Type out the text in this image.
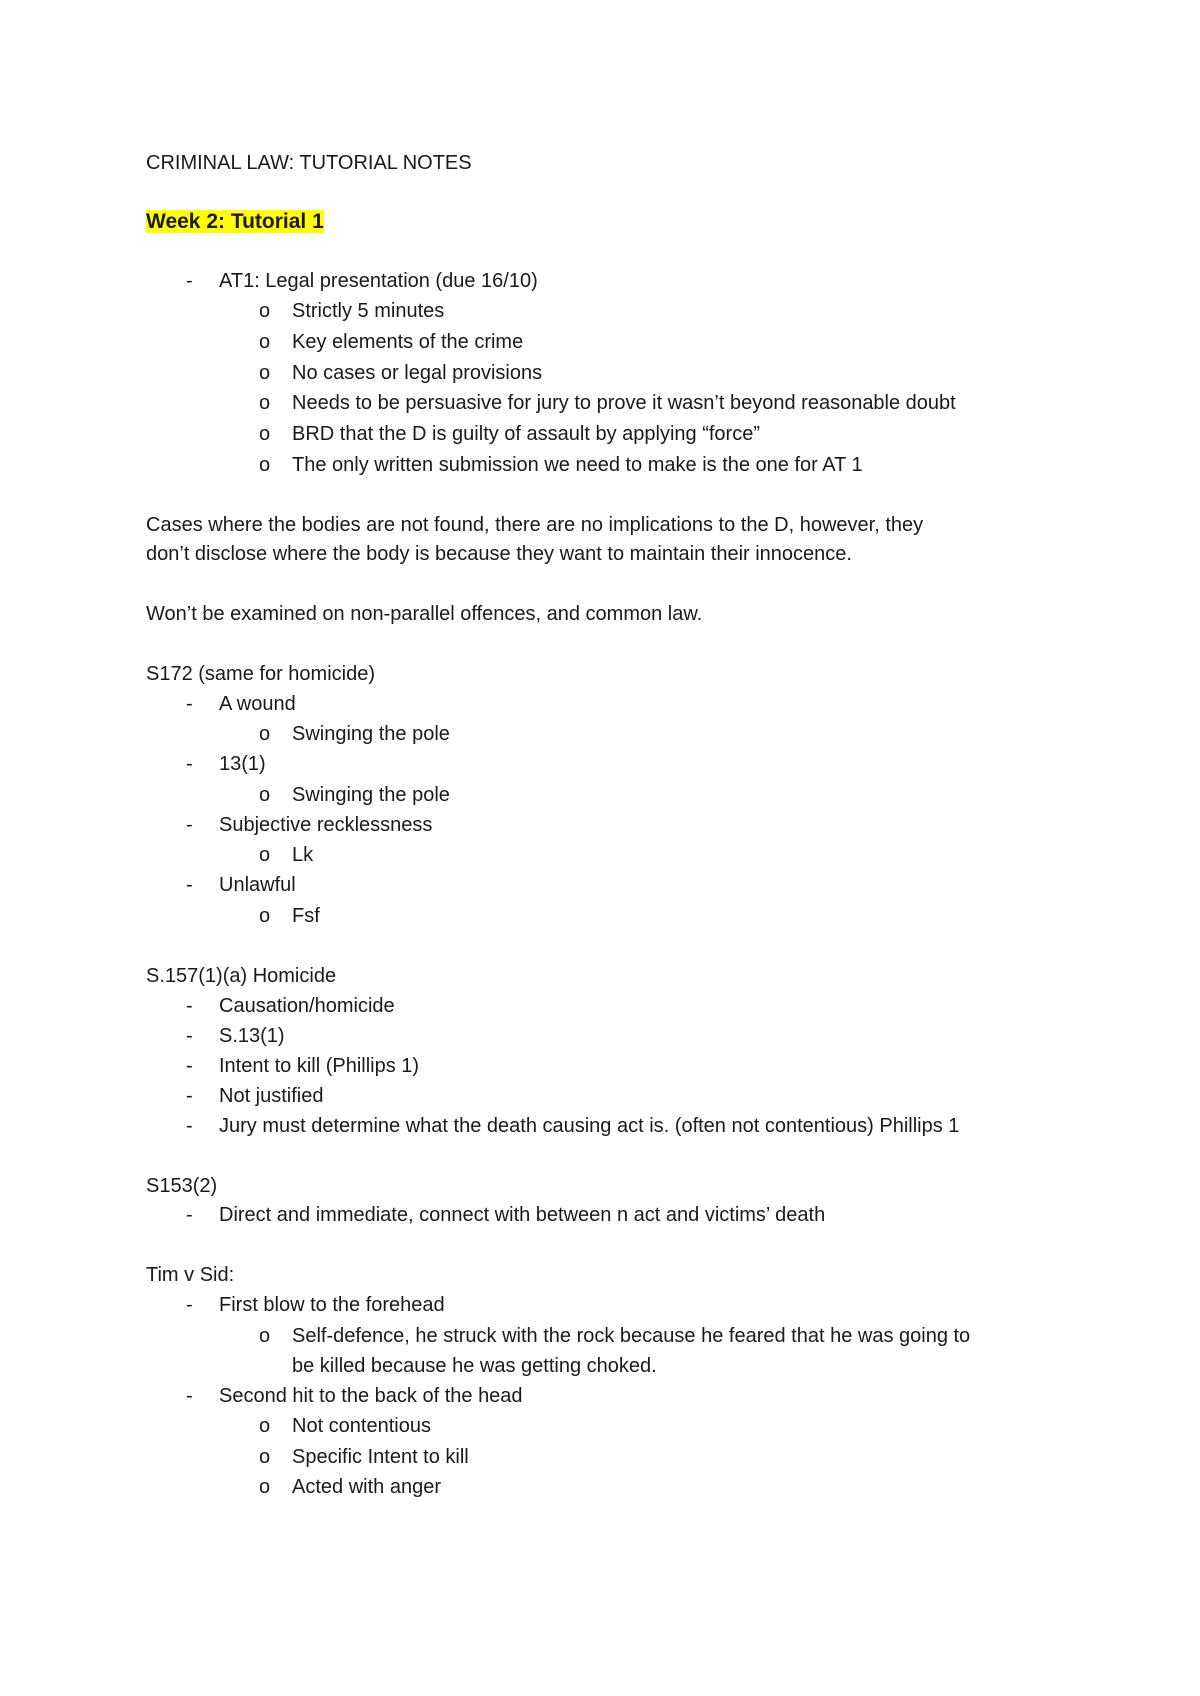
CRIMINAL LAW: TUTORIAL NOTES
Week 2: Tutorial 1
- AT1: Legal presentation (due 16/10)
o Strictly 5 minutes
o Key elements of the crime
o No cases or legal provisions
o Needs to be persuasive for jury to prove it wasn’t beyond reasonable doubt
o BRD that the D is guilty of assault by applying “force”
o The only written submission we need to make is the one for AT 1
Cases where the bodies are not found, there are no implications to the D, however, they
don’t disclose where the body is because they want to maintain their innocence.
Won’t be examined on non-parallel offences, and common law.
S172 (same for homicide)
- A wound
o Swinging the pole
- 13(1)
o Swinging the pole
- Subjective recklessness
o Lk
- Unlawful
o Fsf
S.157(1)(a) Homicide
- Causation/homicide
- S.13(1)
- Intent to kill (Phillips 1)
- Not justified
- Jury must determine what the death causing act is. (often not contentious) Phillips 1
S153(2)
- Direct and immediate, connect with between n act and victims’ death
Tim v Sid:
- First blow to the forehead
o Self-defence, he struck with the rock because he feared that he was going to
be killed because he was getting choked.
- Second hit to the back of the head
o Not contentious
o Specific Intent to kill
o Acted with anger
